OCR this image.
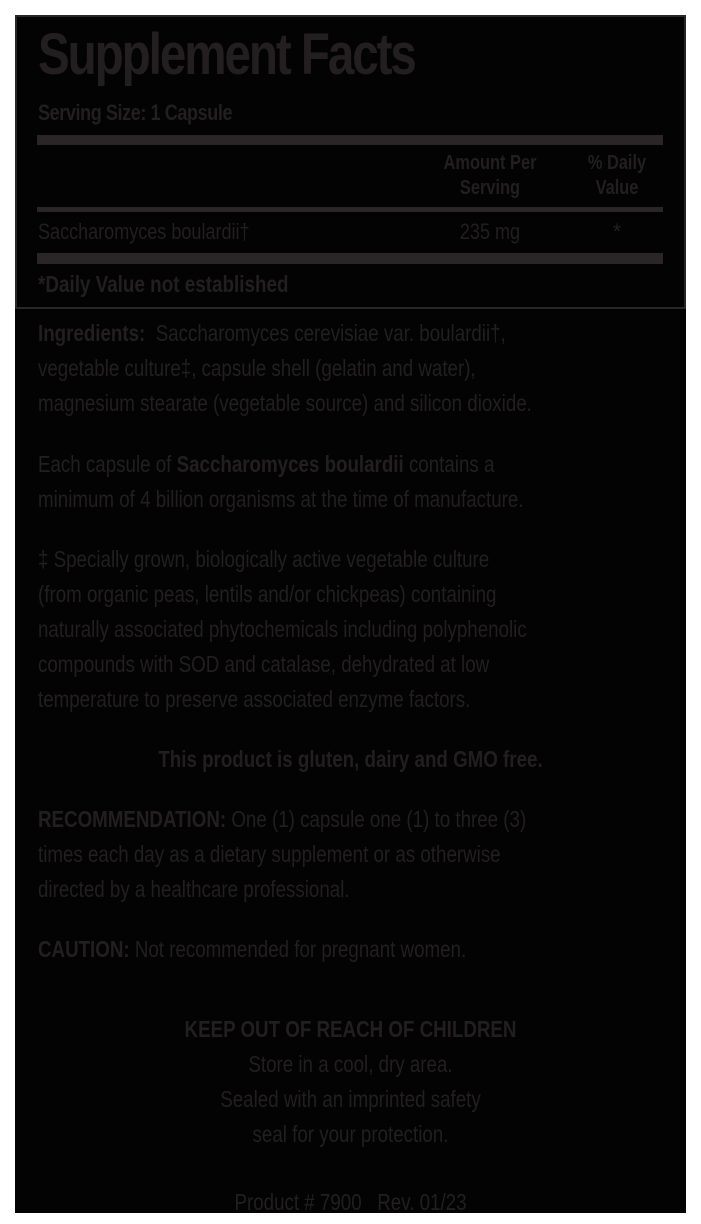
Supplement Facts
Serving Size: 1 Capsule
Amount Per
Serving
% Daily
Value
Saccharomyces boulardii†	235 mg	*
*Daily Value not established
Ingredients: Saccharomyces cerevisiae var. boulardii†,
vegetable culture‡, capsule shell (gelatin and water),
magnesium stearate (vegetable source) and silicon dioxide.
Each capsule of Saccharomyces boulardii contains a
minimum of 4 billion organisms at the time of manufacture.
‡ Specially grown, biologically active vegetable culture
(from organic peas, lentils and/or chickpeas) containing
naturally associated phytochemicals including polyphenolic
compounds with SOD and catalase, dehydrated at low
temperature to preserve associated enzyme factors.
This product is gluten, dairy and GMO free.
RECOMMENDATION: One (1) capsule one (1) to three (3)
times each day as a dietary supplement or as otherwise
directed by a healthcare professional.
CAUTION: Not recommended for pregnant women.
KEEP OUT OF REACH OF CHILDREN
Store in a cool, dry area.
Sealed with an imprinted safety
seal for your protection.
Product # 7900 Rev. 01/23
